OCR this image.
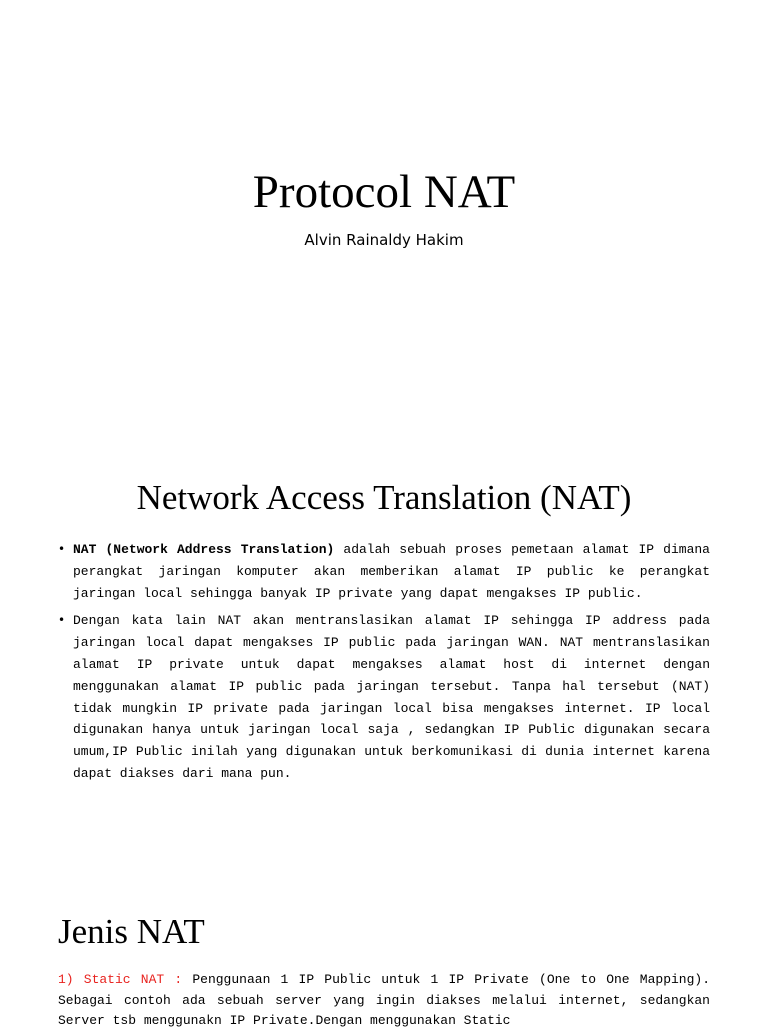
Protocol NAT

Alvin Rainaldy Hakim

Network Access Translation (NAT)
• NAT (Network Address Translation) adalah sebuah proses pemetaan alamat IP dimana perangkat jaringan komputer akan memberikan alamat IP public ke perangkat jaringan local sehingga banyak IP private yang dapat mengakses IP public.
• Dengan kata lain NAT akan mentranslasikan alamat IP sehingga IP address pada jaringan local dapat mengakses IP public pada jaringan WAN. NAT mentranslasikan alamat IP private untuk dapat mengakses alamat host di internet dengan menggunakan alamat IP public pada jaringan tersebut. Tanpa hal tersebut (NAT) tidak mungkin IP private pada jaringan local bisa mengakses internet. IP local digunakan hanya untuk jaringan local saja , sedangkan IP Public digunakan secara umum,IP Public inilah yang digunakan untuk berkomunikasi di dunia internet karena dapat diakses dari mana pun.
Jenis NAT

1) Static NAT : Penggunaan 1 IP Public untuk 1 IP Private (One to One Mapping). Sebagai contoh ada sebuah server yang ingin diakses melalui internet, sedangkan Server tsb menggunakn IP Private.Dengan menggunakan Static
